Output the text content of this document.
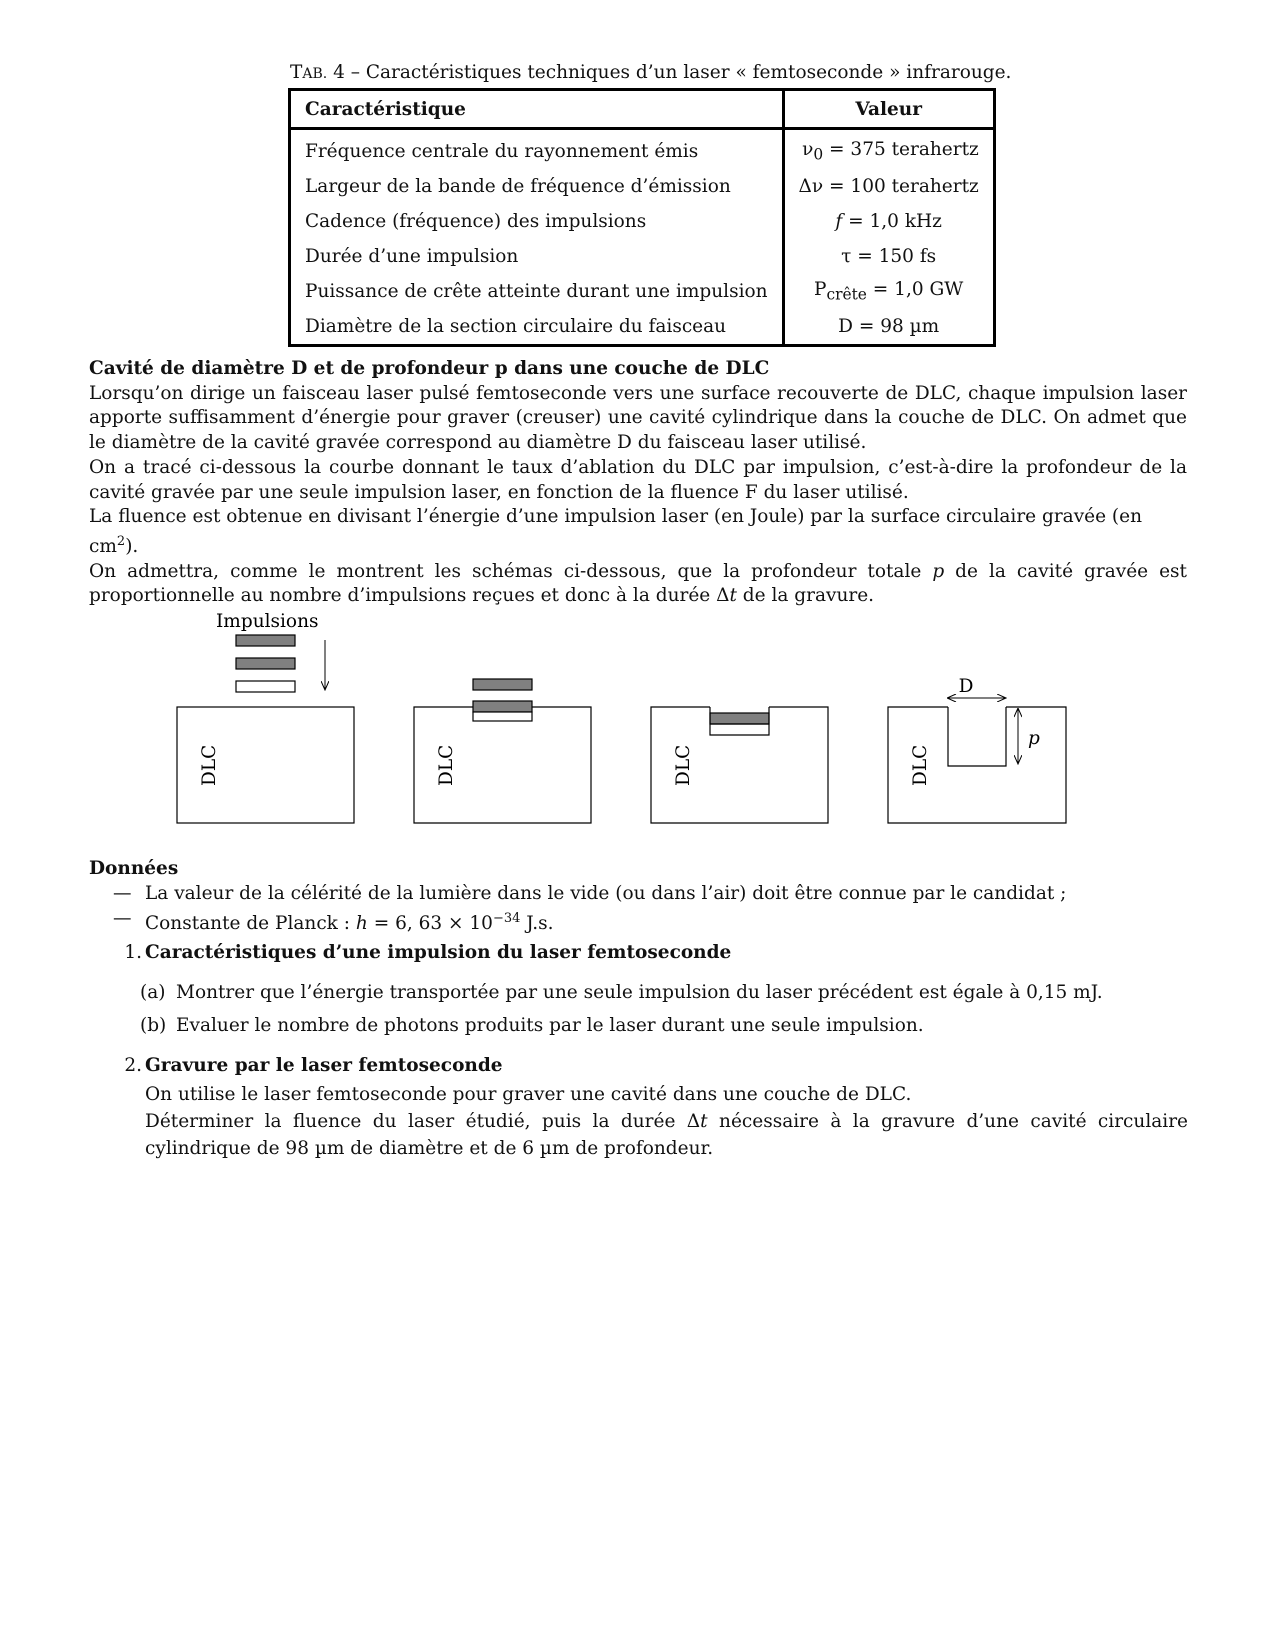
TAB. 4 – Caractéristiques techniques d’un laser « femtoseconde » infrarouge.
Caractéristique	Valeur
Fréquence centrale du rayonnement émis	$\nu_0 = 375$ terahertz
Largeur de la bande de fréquence d’émission	Δν = 100 terahertz
Cadence (fréquence) des impulsions	f = 1,0 kHz
Durée d’une impulsion	τ = 150 fs
Puissance de crête atteinte durant une impulsion	$P_{crête} = 1,0$ GW
Diamètre de la section circulaire du faisceau	D = 98 µm
Cavité de diamètre D et de profondeur p dans une couche de DLC
Lorsqu’on dirige un faisceau laser pulsé femtoseconde vers une surface recouverte de DLC, chaque impulsion laser apporte suffisamment d’énergie pour graver (creuser) une cavité cylindrique dans la couche de DLC. On admet que le diamètre de la cavité gravée correspond au diamètre D du faisceau laser utilisé.
On a tracé ci-dessous la courbe donnant le taux d’ablation du DLC par impulsion, c’est-à-dire la profondeur de la cavité gravée par une seule impulsion laser, en fonction de la fluence F du laser utilisé.
La fluence est obtenue en divisant l’énergie d’une impulsion laser (en Joule) par la surface circulaire gravée (en $cm^2$).
On admettra, comme le montrent les schémas ci-dessous, que la profondeur totale p de la cavité gravée est proportionnelle au nombre d’impulsions reçues et donc à la durée Δt de la gravure.
Impulsions
DLC	DLC	DLC
D
p
DLC
Données
— La valeur de la célérité de la lumière dans le vide (ou dans l’air) doit être connue par le candidat ;
— Constante de Planck : h = 6, $63 \times 10^{-34}$ J.s.
1. Caractéristiques d’une impulsion du laser femtoseconde
(a) Montrer que l’énergie transportée par une seule impulsion du laser précédent est égale à 0,15 mJ.
(b) Evaluer le nombre de photons produits par le laser durant une seule impulsion.
2. Gravure par le laser femtoseconde
On utilise le laser femtoseconde pour graver une cavité dans une couche de DLC.
Déterminer la fluence du laser étudié, puis la durée Δt nécessaire à la gravure d’une cavité circulaire cylindrique de 98 µm de diamètre et de 6 µm de profondeur.
